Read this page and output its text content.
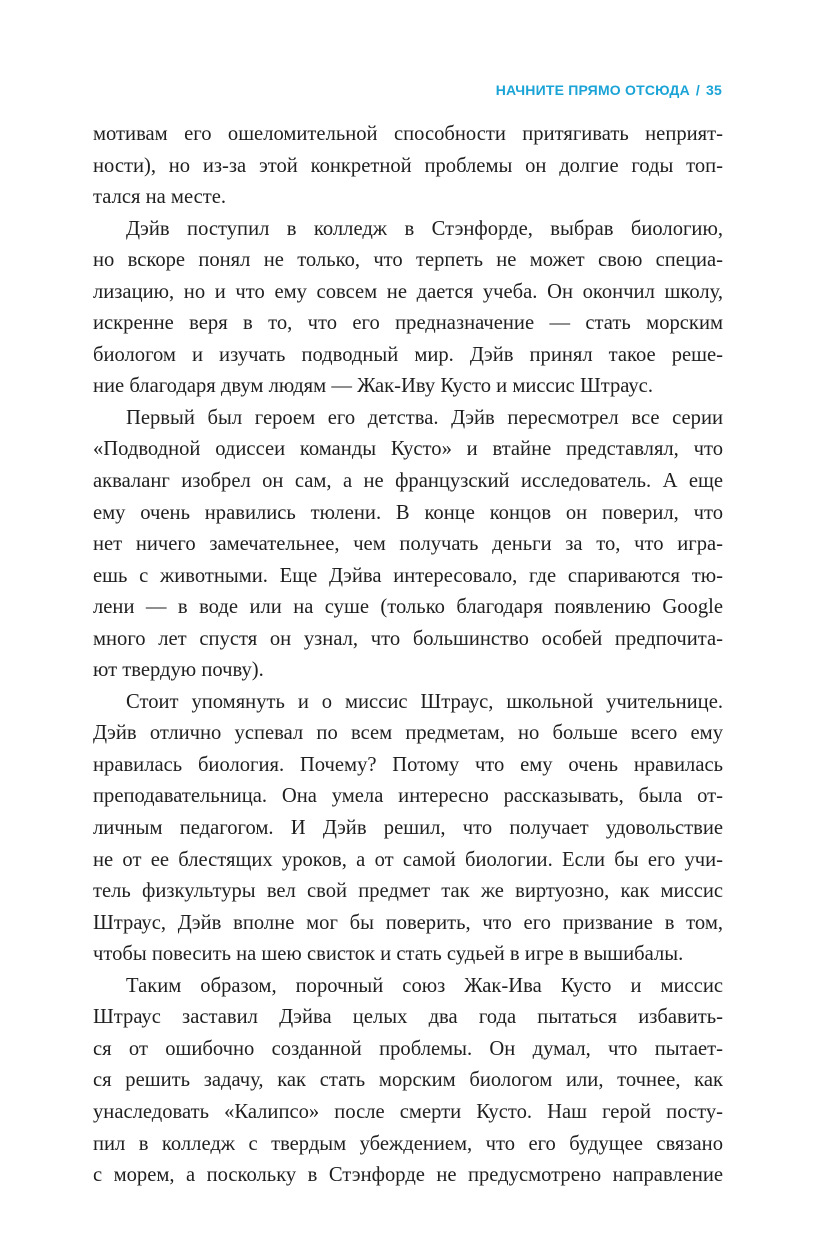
НАЧНИТЕ ПРЯМО ОТСЮДА / 35
мотивам его ошеломительной способности притягивать неприят-
ности), но из-за этой конкретной проблемы он долгие годы топ-
тался на месте.
Дэйв поступил в колледж в Стэнфорде, выбрав биологию,
но вскоре понял не только, что терпеть не может свою специа-
лизацию, но и что ему совсем не дается учеба. Он окончил школу,
искренне веря в то, что его предназначение — стать морским
биологом и изучать подводный мир. Дэйв принял такое реше-
ние благодаря двум людям — Жак-Иву Кусто и миссис Штраус.
Первый был героем его детства. Дэйв пересмотрел все серии
«Подводной одиссеи команды Кусто» и втайне представлял, что
акваланг изобрел он сам, а не французский исследователь. А еще
ему очень нравились тюлени. В конце концов он поверил, что
нет ничего замечательнее, чем получать деньги за то, что игра-
ешь с животными. Еще Дэйва интересовало, где спариваются тю-
лени — в воде или на суше (только благодаря появлению Google
много лет спустя он узнал, что большинство особей предпочита-
ют твердую почву).
Стоит упомянуть и о миссис Штраус, школьной учительнице.
Дэйв отлично успевал по всем предметам, но больше всего ему
нравилась биология. Почему? Потому что ему очень нравилась
преподавательница. Она умела интересно рассказывать, была от-
личным педагогом. И Дэйв решил, что получает удовольствие
не от ее блестящих уроков, а от самой биологии. Если бы его учи-
тель физкультуры вел свой предмет так же виртуозно, как миссис
Штраус, Дэйв вполне мог бы поверить, что его призвание в том,
чтобы повесить на шею свисток и стать судьей в игре в вышибалы.
Таким образом, порочный союз Жак-Ива Кусто и миссис
Штраус заставил Дэйва целых два года пытаться избавить-
ся от ошибочно созданной проблемы. Он думал, что пытает-
ся решить задачу, как стать морским биологом или, точнее, как
унаследовать «Калипсо» после смерти Кусто. Наш герой посту-
пил в колледж с твердым убеждением, что его будущее связано
с морем, а поскольку в Стэнфорде не предусмотрено направление
